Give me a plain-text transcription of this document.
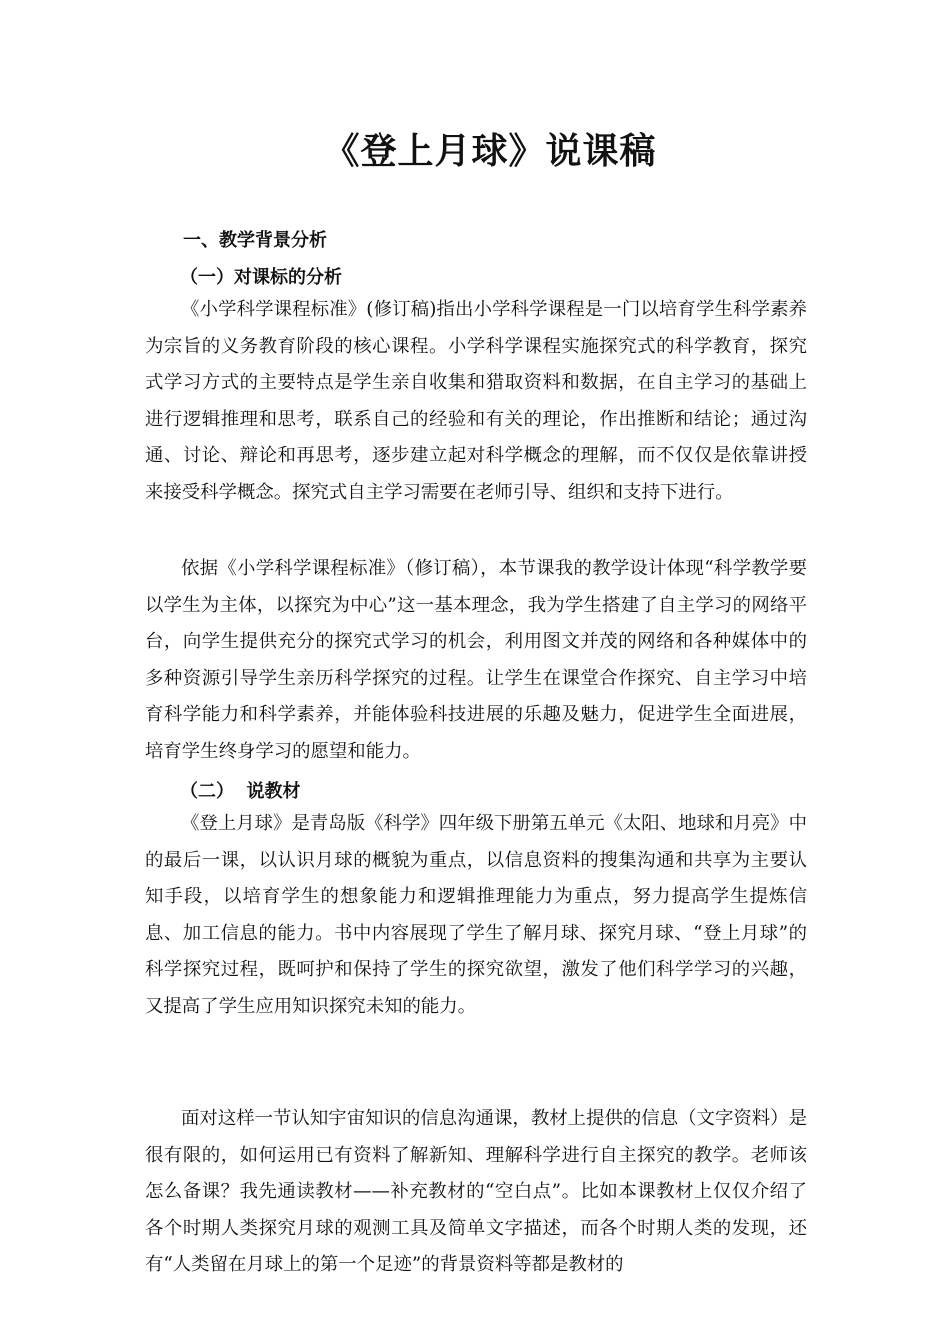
《登上月球》说课稿
一、教学背景分析
（一）对课标的分析

《小学科学课程标准》(修订稿)指出小学科学课程是一门以培育学生科学素养为宗旨的义务教育阶段的核心课程。小学科学课程实施探究式的科学教育，探究式学习方式的主要特点是学生亲自收集和猎取资料和数据，在自主学习的基础上进行逻辑推理和思考，联系自己的经验和有关的理论，作出推断和结论；通过沟通、讨论、辩论和再思考，逐步建立起对科学概念的理解，而不仅仅是依靠讲授来接受科学概念。探究式自主学习需要在老师引导、组织和支持下进行。

依据《小学科学课程标准》（修订稿），本节课我的教学设计体现“科学教学要以学生为主体，以探究为中心”这一基本理念，我为学生搭建了自主学习的网络平台，向学生提供充分的探究式学习的机会，利用图文并茂的网络和各种媒体中的多种资源引导学生亲历科学探究的过程。让学生在课堂合作探究、自主学习中培育科学能力和科学素养，并能体验科技进展的乐趣及魅力，促进学生全面进展，培育学生终身学习的愿望和能力。

（二）  说教材

《登上月球》是青岛版《科学》四年级下册第五单元《太阳、地球和月亮》中的最后一课，以认识月球的概貌为重点，以信息资料的搜集沟通和共享为主要认知手段，以培育学生的想象能力和逻辑推理能力为重点，努力提高学生提炼信息、加工信息的能力。书中内容展现了学生了解月球、探究月球、“登上月球”的科学探究过程，既呵护和保持了学生的探究欲望，激发了他们科学学习的兴趣，又提高了学生应用知识探究未知的能力。

面对这样一节认知宇宙知识的信息沟通课，教材上提供的信息（文字资料）是很有限的，如何运用已有资料了解新知、理解科学进行自主探究的教学。老师该怎么备课？我先通读教材——补充教材的“空白点”。比如本课教材上仅仅介绍了各个时期人类探究月球的观测工具及简单文字描述，而各个时期人类的发现，还有“人类留在月球上的第一个足迹”的背景资料等都是教材的
